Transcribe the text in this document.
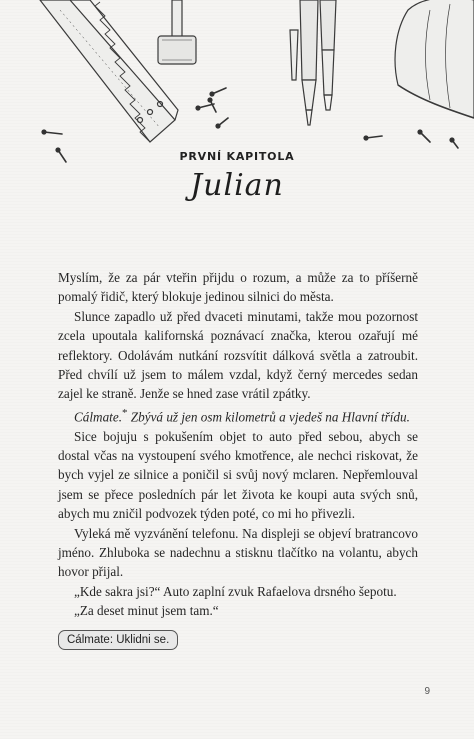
PRVNÍ KAPITOLA
Julian

Myslím, že za pár vteřin přijdu o rozum, a může za to příšerně pomalý řidič, který blokuje jedinou silnici do města.

Slunce zapadlo už před dvaceti minutami, takže mou pozornost zcela upoutala kalifornská poznávací značka, kterou ozařují mé reflektory. Odolávám nutkání rozsvítit dálková světla a zatroubit. Před chvílí už jsem to málem vzdal, když černý mercedes sedan zajel ke straně. Jenže se hned zase vrátil zpátky.

Cálmate.* Zbývá už jen osm kilometrů a vjedeš na Hlavní třídu.

Sice bojuju s pokušením objet to auto před sebou, abych se dostal včas na vystoupení svého kmotřence, ale nechci riskovat, že bych vyjel ze silnice a poničil si svůj nový mclaren. Nepřemlouval jsem se přece posledních pár let života ke koupi auta svých snů, abych mu zničil podvozek týden poté, co mi ho přivezli.

Vyleká mě vyzvánění telefonu. Na displeji se objeví bratrancovo jméno. Zhluboka se nadechnu a stisknu tlačítko na volantu, abych hovor přijal.

„Kde sakra jsi?“ Auto zaplní zvuk Rafaelova drsného šepotu.

„Za deset minut jsem tam.“

Cálmate: Uklidni se.
9
